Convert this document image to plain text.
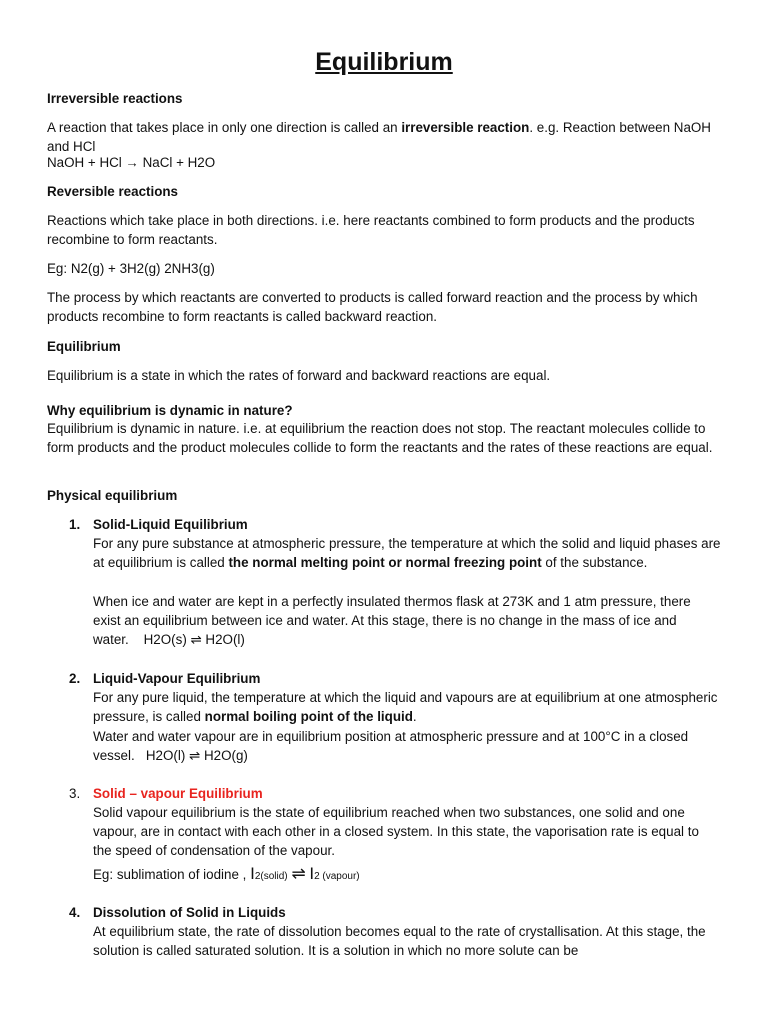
Equilibrium

Irreversible reactions

A reaction that takes place in only one direction is called an irreversible reaction. e.g. Reaction between NaOH and HCl

NaOH + HCl → NaCl + H2O

Reversible reactions

Reactions which take place in both directions. i.e. here reactants combined to form products and the products recombine to form reactants.

Eg: N2(g) + 3H2(g) 2NH3(g)

The process by which reactants are converted to products is called forward reaction and the process by which products recombine to form reactants is called backward reaction.

Equilibrium

Equilibrium is a state in which the rates of forward and backward reactions are equal.

Why equilibrium is dynamic in nature?

Equilibrium is dynamic in nature. i.e. at equilibrium the reaction does not stop. The reactant molecules collide to form products and the product molecules collide to form the reactants and the rates of these reactions are equal.

Physical equilibrium

1. Solid-Liquid Equilibrium

For any pure substance at atmospheric pressure, the temperature at which the solid and liquid phases are at equilibrium is called the normal melting point or normal freezing point of the substance.

When ice and water are kept in a perfectly insulated thermos flask at 273K and 1 atm pressure, there exist an equilibrium between ice and water. At this stage, there is no change in the mass of ice and water. H2O(s) ⇌ H2O(l)

2. Liquid-Vapour Equilibrium

For any pure liquid, the temperature at which the liquid and vapours are at equilibrium at one atmospheric pressure, is called normal boiling point of the liquid.

Water and water vapour are in equilibrium position at atmospheric pressure and at 100°C in a closed vessel. H2O(l) ⇌ H2O(g)

3. Solid – vapour Equilibrium

Solid vapour equilibrium is the state of equilibrium reached when two substances, one solid and one vapour, are in contact with each other in a closed system. In this state, the vaporisation rate is equal to the speed of condensation of the vapour.

Eg: sublimation of iodine , I2(solid) ⇌ I2 (vapour)

4. Dissolution of Solid in Liquids

At equilibrium state, the rate of dissolution becomes equal to the rate of crystallisation. At this stage, the solution is called saturated solution. It is a solution in which no more solute can be
